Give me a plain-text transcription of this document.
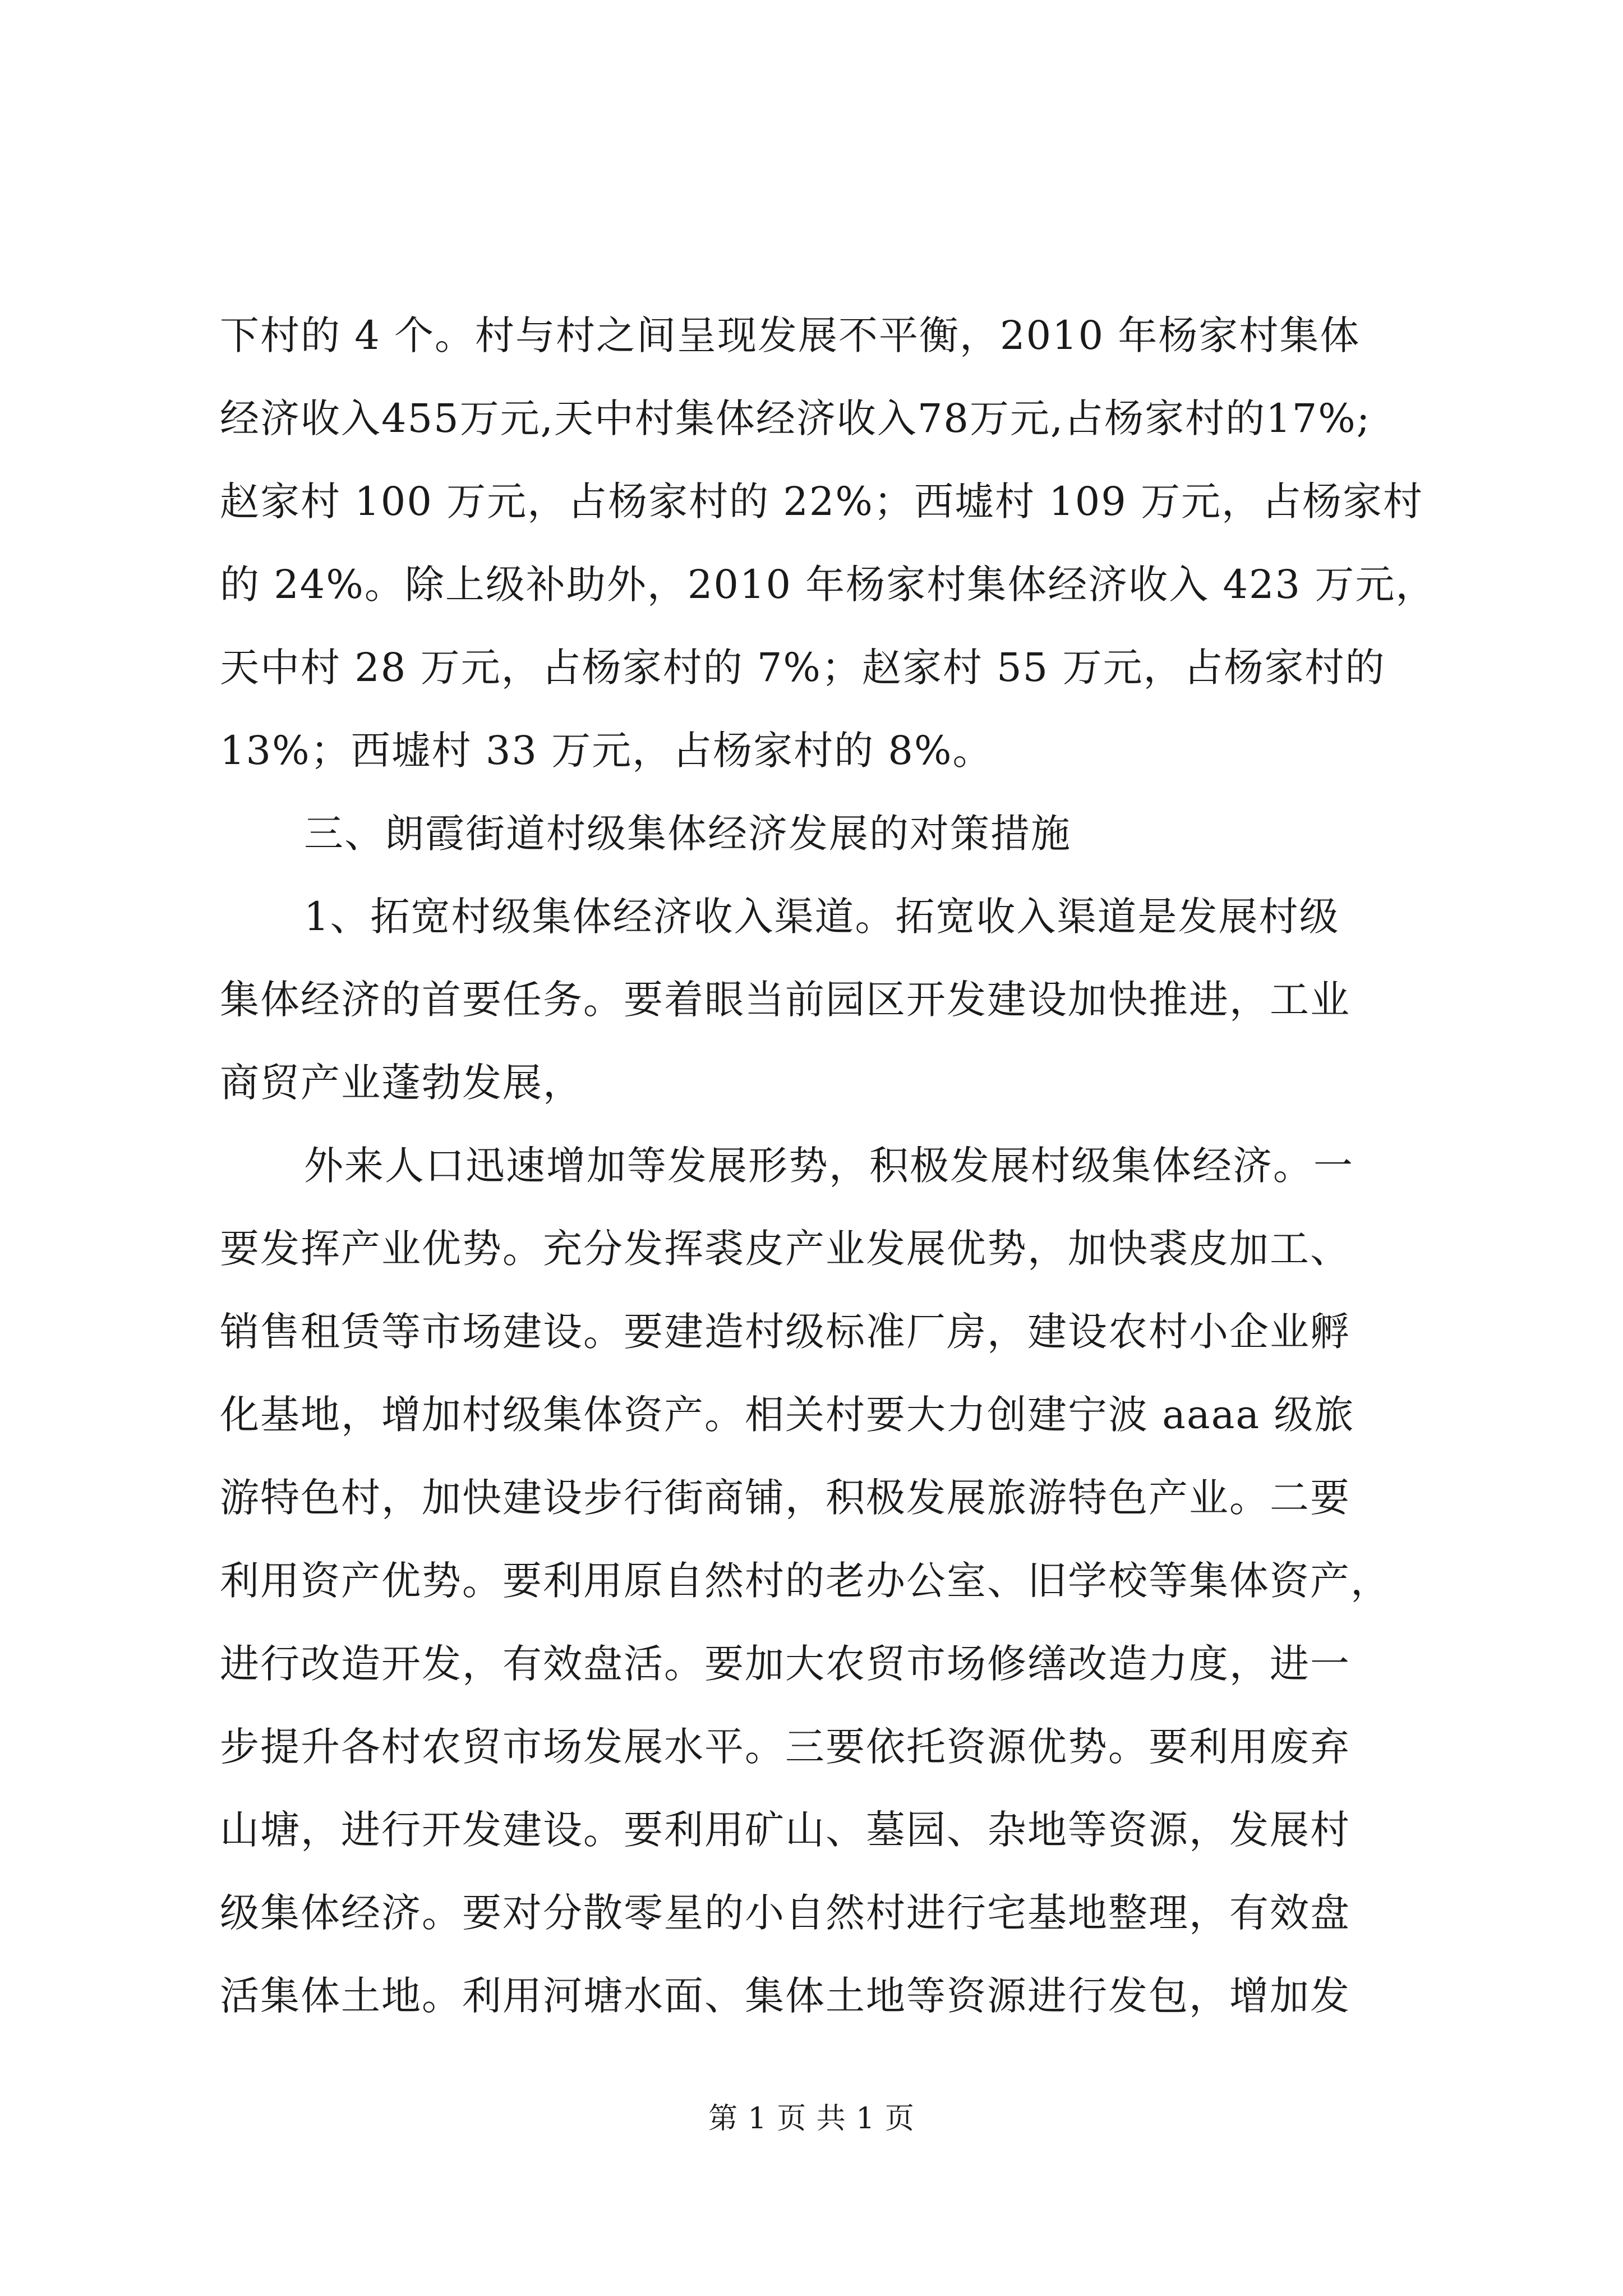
下村的 4 个。村与村之间呈现发展不平衡，2010 年杨家村集体
经济收入455万元,天中村集体经济收入78万元,占杨家村的17%;
赵家村 100 万元，占杨家村的 22%；西墟村 109 万元，占杨家村
的 24%。除上级补助外，2010 年杨家村集体经济收入 423 万元，
天中村 28 万元，占杨家村的 7%；赵家村 55 万元，占杨家村的
13%；西墟村 33 万元，占杨家村的 8%。
三、朗霞街道村级集体经济发展的对策措施
1、拓宽村级集体经济收入渠道。拓宽收入渠道是发展村级
集体经济的首要任务。要着眼当前园区开发建设加快推进，工业
商贸产业蓬勃发展，
外来人口迅速增加等发展形势，积极发展村级集体经济。一
要发挥产业优势。充分发挥裘皮产业发展优势，加快裘皮加工、
销售租赁等市场建设。要建造村级标准厂房，建设农村小企业孵
化基地，增加村级集体资产。相关村要大力创建宁波 aaaa 级旅
游特色村，加快建设步行街商铺，积极发展旅游特色产业。二要
利用资产优势。要利用原自然村的老办公室、旧学校等集体资产，
进行改造开发，有效盘活。要加大农贸市场修缮改造力度，进一
步提升各村农贸市场发展水平。三要依托资源优势。要利用废弃
山塘，进行开发建设。要利用矿山、墓园、杂地等资源，发展村
级集体经济。要对分散零星的小自然村进行宅基地整理，有效盘
活集体土地。利用河塘水面、集体土地等资源进行发包，增加发
第 1 页 共 1 页
